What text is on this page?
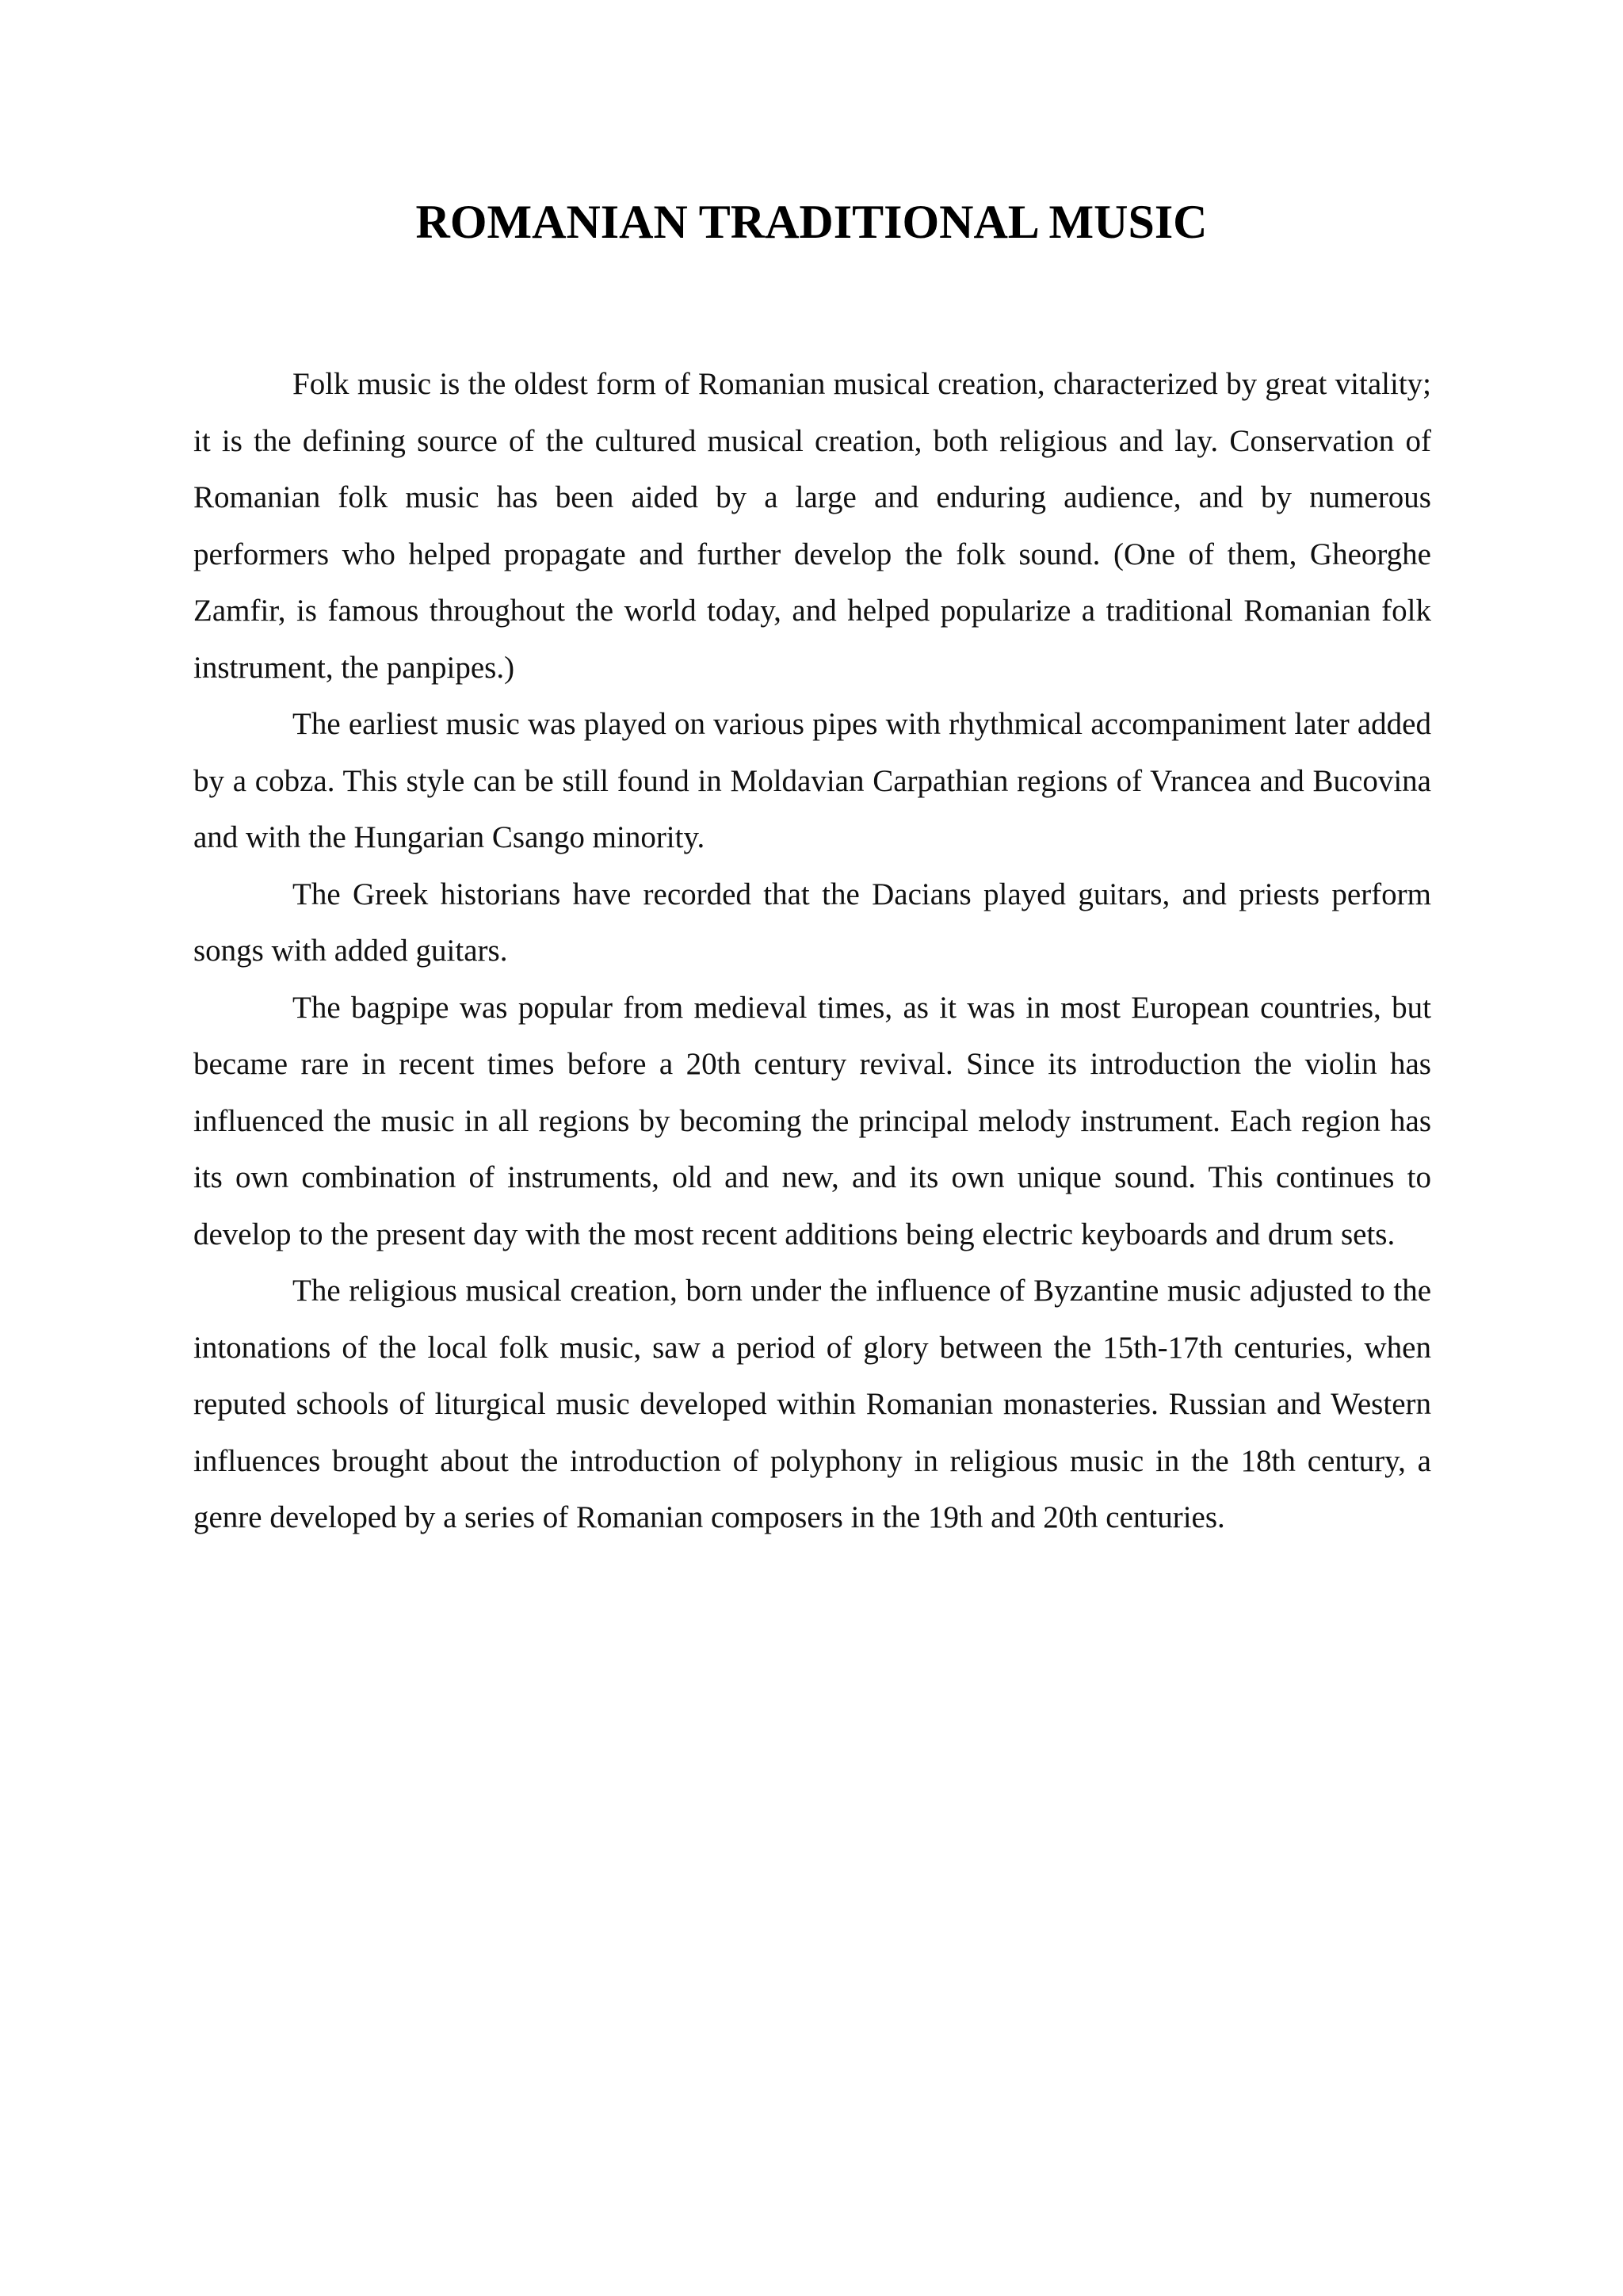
ROMANIAN TRADITIONAL MUSIC

Folk music is the oldest form of Romanian musical creation, characterized by great vitality; it is the defining source of the cultured musical creation, both religious and lay. Conservation of Romanian folk music has been aided by a large and enduring audience, and by numerous performers who helped propagate and further develop the folk sound. (One of them, Gheorghe Zamfir, is famous throughout the world today, and helped popularize a traditional Romanian folk instrument, the panpipes.)

The earliest music was played on various pipes with rhythmical accompaniment later added by a cobza. This style can be still found in Moldavian Carpathian regions of Vrancea and Bucovina and with the Hungarian Csango minority.

The Greek historians have recorded that the Dacians played guitars, and priests perform songs with added guitars.

The bagpipe was popular from medieval times, as it was in most European countries, but became rare in recent times before a 20th century revival. Since its introduction the violin has influenced the music in all regions by becoming the principal melody instrument. Each region has its own combination of instruments, old and new, and its own unique sound. This continues to develop to the present day with the most recent additions being electric keyboards and drum sets.

The religious musical creation, born under the influence of Byzantine music adjusted to the intonations of the local folk music, saw a period of glory between the 15th-17th centuries, when reputed schools of liturgical music developed within Romanian monasteries. Russian and Western influences brought about the introduction of polyphony in religious music in the 18th century, a genre developed by a series of Romanian composers in the 19th and 20th centuries.
